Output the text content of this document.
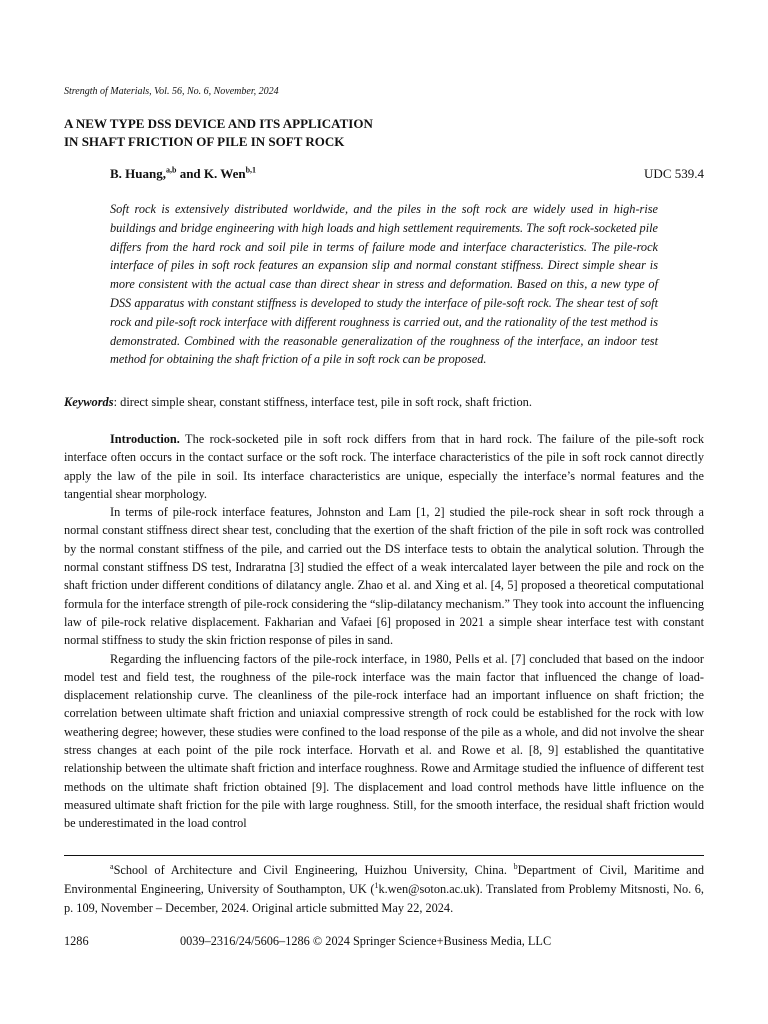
Strength of Materials, Vol. 56, No. 6, November, 2024
A NEW TYPE DSS DEVICE AND ITS APPLICATION
IN SHAFT FRICTION OF PILE IN SOFT ROCK
B. Huang,$^{a,b}$ and K. Wen$^{b,1}$	UDC 539.4

Soft rock is extensively distributed worldwide, and the piles in the soft rock are widely used in high-rise buildings and bridge engineering with high loads and high settlement requirements. The soft rock-socketed pile differs from the hard rock and soil pile in terms of failure mode and interface characteristics. The pile-rock interface of piles in soft rock features an expansion slip and normal constant stiffness. Direct simple shear is more consistent with the actual case than direct shear in stress and deformation. Based on this, a new type of DSS apparatus with constant stiffness is developed to study the interface of pile-soft rock. The shear test of soft rock and pile-soft rock interface with different roughness is carried out, and the rationality of the test method is demonstrated. Combined with the reasonable generalization of the roughness of the interface, an indoor test method for obtaining the shaft friction of a pile in soft rock can be proposed.

Keywords: direct simple shear, constant stiffness, interface test, pile in soft rock, shaft friction.

Introduction. The rock-socketed pile in soft rock differs from that in hard rock. The failure of the pile-soft rock interface often occurs in the contact surface or the soft rock. The interface characteristics of the pile in soft rock cannot directly apply the law of the pile in soil. Its interface characteristics are unique, especially the interface’s normal features and the tangential shear morphology.

In terms of pile-rock interface features, Johnston and Lam [1, 2] studied the pile-rock shear in soft rock through a normal constant stiffness direct shear test, concluding that the exertion of the shaft friction of the pile in soft rock was controlled by the normal constant stiffness of the pile, and carried out the DS interface tests to obtain the analytical solution. Through the normal constant stiffness DS test, Indraratna [3] studied the effect of a weak intercalated layer between the pile and rock on the shaft friction under different conditions of dilatancy angle. Zhao et al. and Xing et al. [4, 5] proposed a theoretical computational formula for the interface strength of pile-rock considering the “slip-dilatancy mechanism.” They took into account the influencing law of pile-rock relative displacement. Fakharian and Vafaei [6] proposed in 2021 a simple shear interface test with constant normal stiffness to study the skin friction response of piles in sand.

Regarding the influencing factors of the pile-rock interface, in 1980, Pells et al. [7] concluded that based on the indoor model test and field test, the roughness of the pile-rock interface was the main factor that influenced the change of load-displacement relationship curve. The cleanliness of the pile-rock interface had an important influence on shaft friction; the correlation between ultimate shaft friction and uniaxial compressive strength of rock could be established for the rock with low weathering degree; however, these studies were confined to the load response of the pile as a whole, and did not involve the shear stress changes at each point of the pile rock interface. Horvath et al. and Rowe et al. [8, 9] established the quantitative relationship between the ultimate shaft friction and interface roughness. Rowe and Armitage studied the influence of different test methods on the ultimate shaft friction obtained [9]. The displacement and load control methods have little influence on the measured ultimate shaft friction for the pile with large roughness. Still, for the smooth interface, the residual shaft friction would be underestimated in the load control

$^a$School of Architecture and Civil Engineering, Huizhou University, China. $^b$Department of Civil, Maritime and Environmental Engineering, University of Southampton, UK ($^1$k.wen@soton.ac.uk). Translated from Problemy Mitsnosti, No. 6, p. 109, November – December, 2024. Original article submitted May 22, 2024.

1286	0039–2316/24/5606–1286 © 2024 Springer Science+Business Media, LLC
